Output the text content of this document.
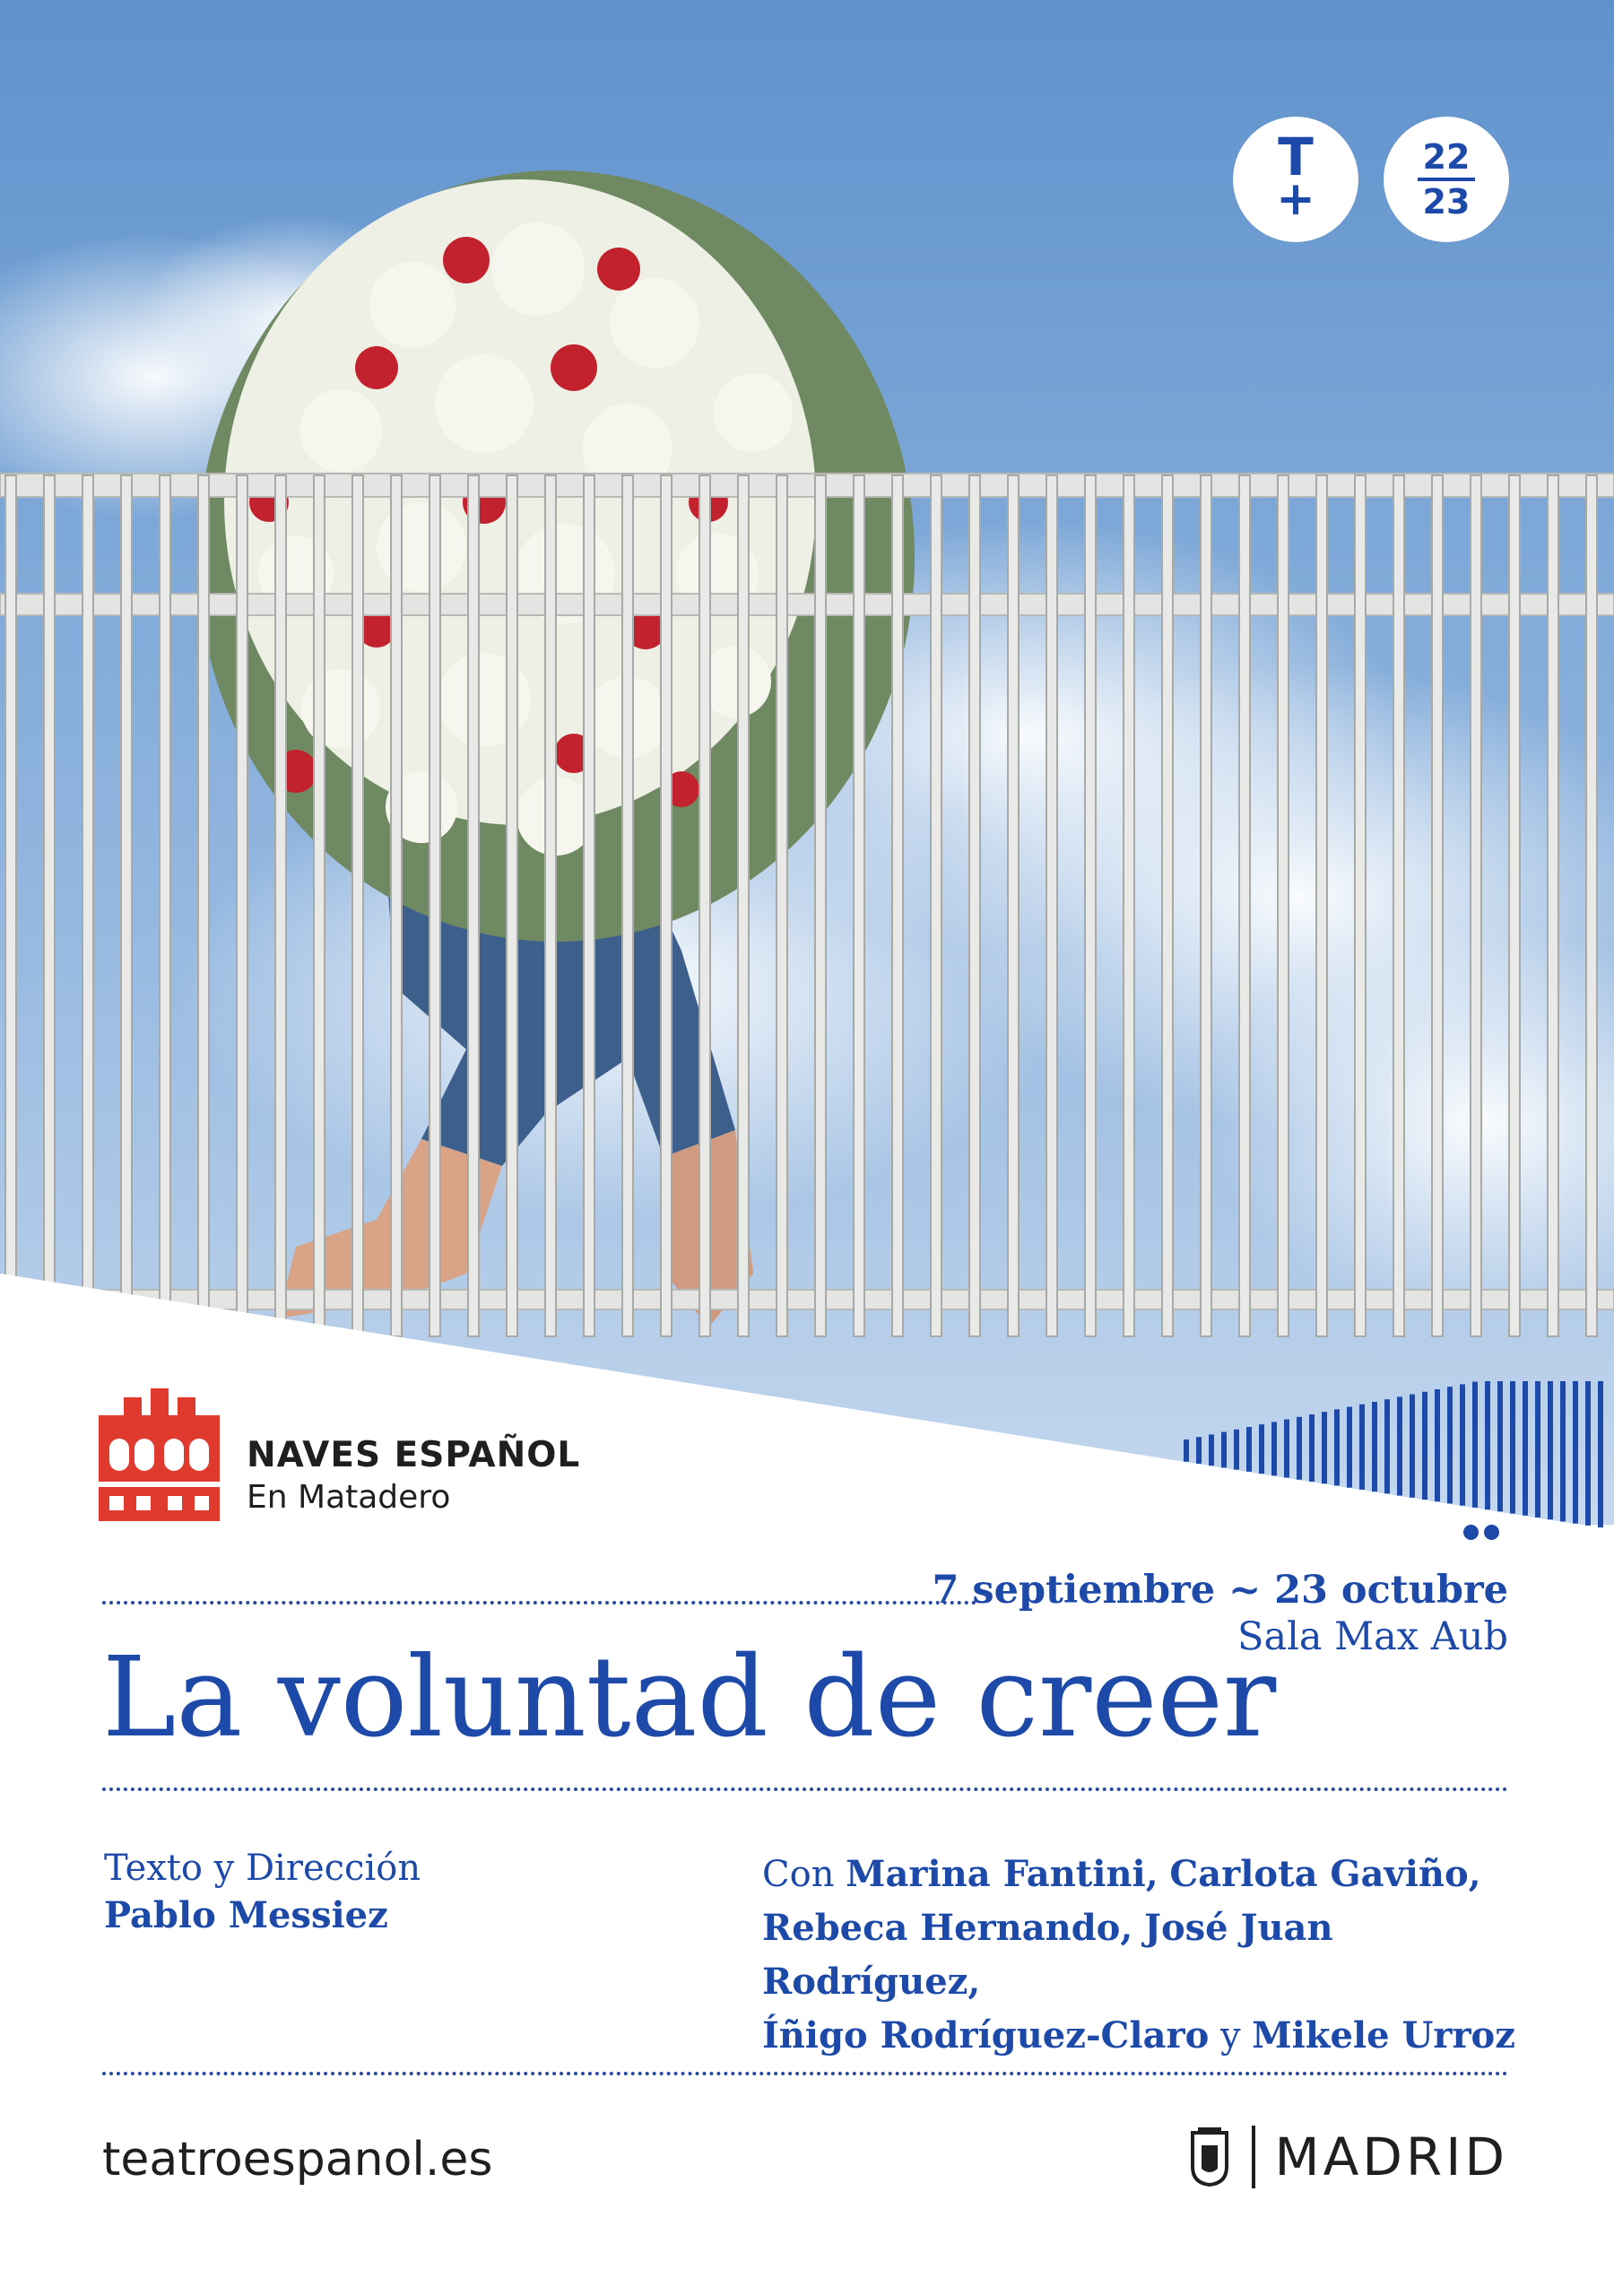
T
+
22
23
NAVES ESPAÑOL
En Matadero
7 septiembre ~ 23 octubre
Sala Max Aub
La voluntad de creer
Texto y Dirección
Pablo Messiez
Con Marina Fantini, Carlota Gaviño,
Rebeca Hernando, José Juan Rodríguez,
Íñigo Rodríguez-Claro y Mikele Urroz
teatroespanol.es	MADRID
